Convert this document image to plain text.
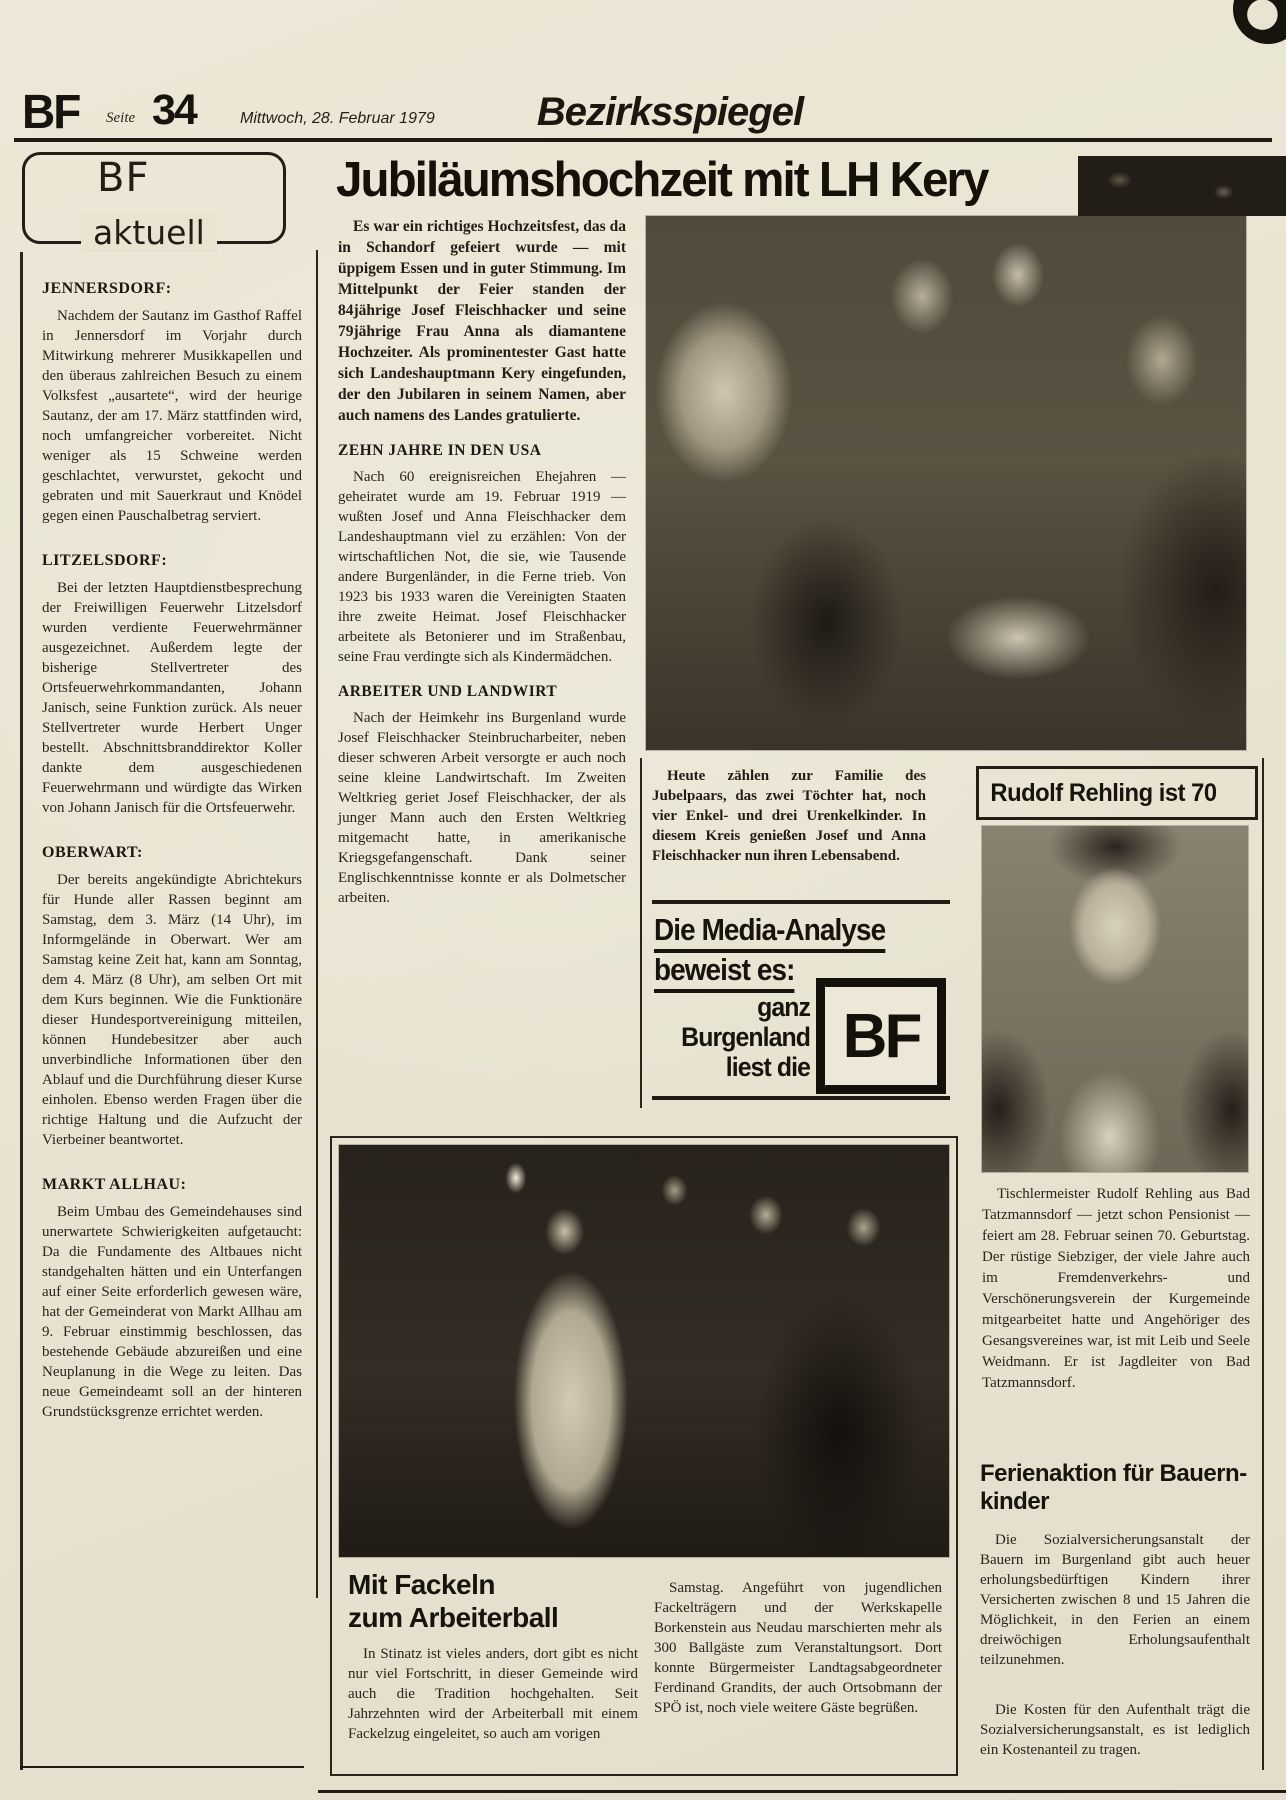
BF Seite 34	Mittwoch, 28. Februar 1979	Bezirksspiegel
BF
aktuell
JENNERSDORF:

Nachdem der Sautanz im Gasthof Raffel in Jennersdorf im Vorjahr durch Mitwirkung mehrerer Musikkapellen und den überaus zahlreichen Besuch zu einem Volksfest „ausartete“, wird der heurige Sautanz, der am 17. März stattfinden wird, noch umfangreicher vorbereitet. Nicht weniger als 15 Schweine werden geschlachtet, verwurstet, gekocht und gebraten und mit Sauerkraut und Knödel gegen einen Pauschalbetrag serviert.

LITZELSDORF:

Bei der letzten Hauptdienstbesprechung der Freiwilligen Feuerwehr Litzelsdorf wurden verdiente Feuerwehrmänner ausgezeichnet. Außerdem legte der bisherige Stellvertreter des Ortsfeuerwehrkommandanten, Johann Janisch, seine Funktion zurück. Als neuer Stellvertreter wurde Herbert Unger bestellt. Abschnittsbranddirektor Koller dankte dem ausgeschiedenen Feuerwehrmann und würdigte das Wirken von Johann Janisch für die Ortsfeuerwehr.

OBERWART:

Der bereits angekündigte Abrichtekurs für Hunde aller Rassen beginnt am Samstag, dem 3. März (14 Uhr), im Informgelände in Oberwart. Wer am Samstag keine Zeit hat, kann am Sonntag, dem 4. März (8 Uhr), am selben Ort mit dem Kurs beginnen. Wie die Funktionäre dieser Hundesportvereinigung mitteilen, können Hundebesitzer aber auch unverbindliche Informationen über den Ablauf und die Durchführung dieser Kurse einholen. Ebenso werden Fragen über die richtige Haltung und die Aufzucht der Vierbeiner beantwortet.

MARKT ALLHAU:

Beim Umbau des Gemeindehauses sind unerwartete Schwierigkeiten aufgetaucht: Da die Fundamente des Altbaues nicht standgehalten hätten und ein Unterfangen auf einer Seite erforderlich gewesen wäre, hat der Gemeinderat von Markt Allhau am 9. Februar einstimmig beschlossen, das bestehende Gebäude abzureißen und eine Neuplanung in die Wege zu leiten. Das neue Gemeindeamt soll an der hinteren Grundstücksgrenze errichtet werden.

Jubiläumshochzeit mit LH Kery

Es war ein richtiges Hochzeitsfest, das da in Schandorf gefeiert wurde — mit üppigem Essen und in guter Stimmung. Im Mittelpunkt der Feier standen der 84jährige Josef Fleischhacker und seine 79jährige Frau Anna als diamantene Hochzeiter. Als prominentester Gast hatte sich Landeshauptmann Kery eingefunden, der den Jubilaren in seinem Namen, aber auch namens des Landes gratulierte.

ZEHN JAHRE IN DEN USA

Nach 60 ereignisreichen Ehejahren — geheiratet wurde am 19. Februar 1919 — wußten Josef und Anna Fleischhacker dem Landeshauptmann viel zu erzählen: Von der wirtschaftlichen Not, die sie, wie Tausende andere Burgenländer, in die Ferne trieb. Von 1923 bis 1933 waren die Vereinigten Staaten ihre zweite Heimat. Josef Fleischhacker arbeitete als Betonierer und im Straßenbau, seine Frau verdingte sich als Kindermädchen.

ARBEITER UND LANDWIRT

Nach der Heimkehr ins Burgenland wurde Josef Fleischhacker Steinbrucharbeiter, neben dieser schweren Arbeit versorgte er auch noch seine kleine Landwirtschaft. Im Zweiten Weltkrieg geriet Josef Fleischhacker, der als junger Mann auch den Ersten Weltkrieg mitgemacht hatte, in amerikanische Kriegsgefangenschaft. Dank seiner Englischkenntnisse konnte er als Dolmetscher arbeiten.

Heute zählen zur Familie des Jubelpaars, das zwei Töchter hat, noch vier Enkel- und drei Urenkelkinder. In diesem Kreis genießen Josef und Anna Fleischhacker nun ihren Lebensabend.

Die Media-Analyse
beweist es:
ganz
Burgenland
liest die BF
Rudolf Rehling ist 70

Tischlermeister Rudolf Rehling aus Bad Tatzmannsdorf — jetzt schon Pensionist — feiert am 28. Februar seinen 70. Geburtstag. Der rüstige Siebziger, der viele Jahre auch im Fremdenverkehrs- und Verschönerungsverein der Kurgemeinde mitgearbeitet hatte und Angehöriger des Gesangsvereines war, ist mit Leib und Seele Weidmann. Er ist Jagdleiter von Bad Tatzmannsdorf.

Ferienaktion für Bauern-
kinder

Die Sozialversicherungsanstalt der Bauern im Burgenland gibt auch heuer erholungsbedürftigen Kindern ihrer Versicherten zwischen 8 und 15 Jahren die Möglichkeit, in den Ferien an einem dreiwöchigen Erholungsaufenthalt teilzunehmen.

Die Kosten für den Aufenthalt trägt die Sozialversicherungsanstalt, es ist lediglich ein Kostenanteil zu tragen.

Mit Fackeln
zum Arbeiterball

In Stinatz ist vieles anders, dort gibt es nicht nur viel Fortschritt, in dieser Gemeinde wird auch die Tradition hochgehalten. Seit Jahrzehnten wird der Arbeiterball mit einem Fackelzug eingeleitet, so auch am vorigen

Samstag. Angeführt von jugendlichen Fackelträgern und der Werkskapelle Borkenstein aus Neudau marschierten mehr als 300 Ballgäste zum Veranstaltungsort. Dort konnte Bürgermeister Landtagsabgeordneter Ferdinand Grandits, der auch Ortsobmann der SPÖ ist, noch viele weitere Gäste begrüßen.
